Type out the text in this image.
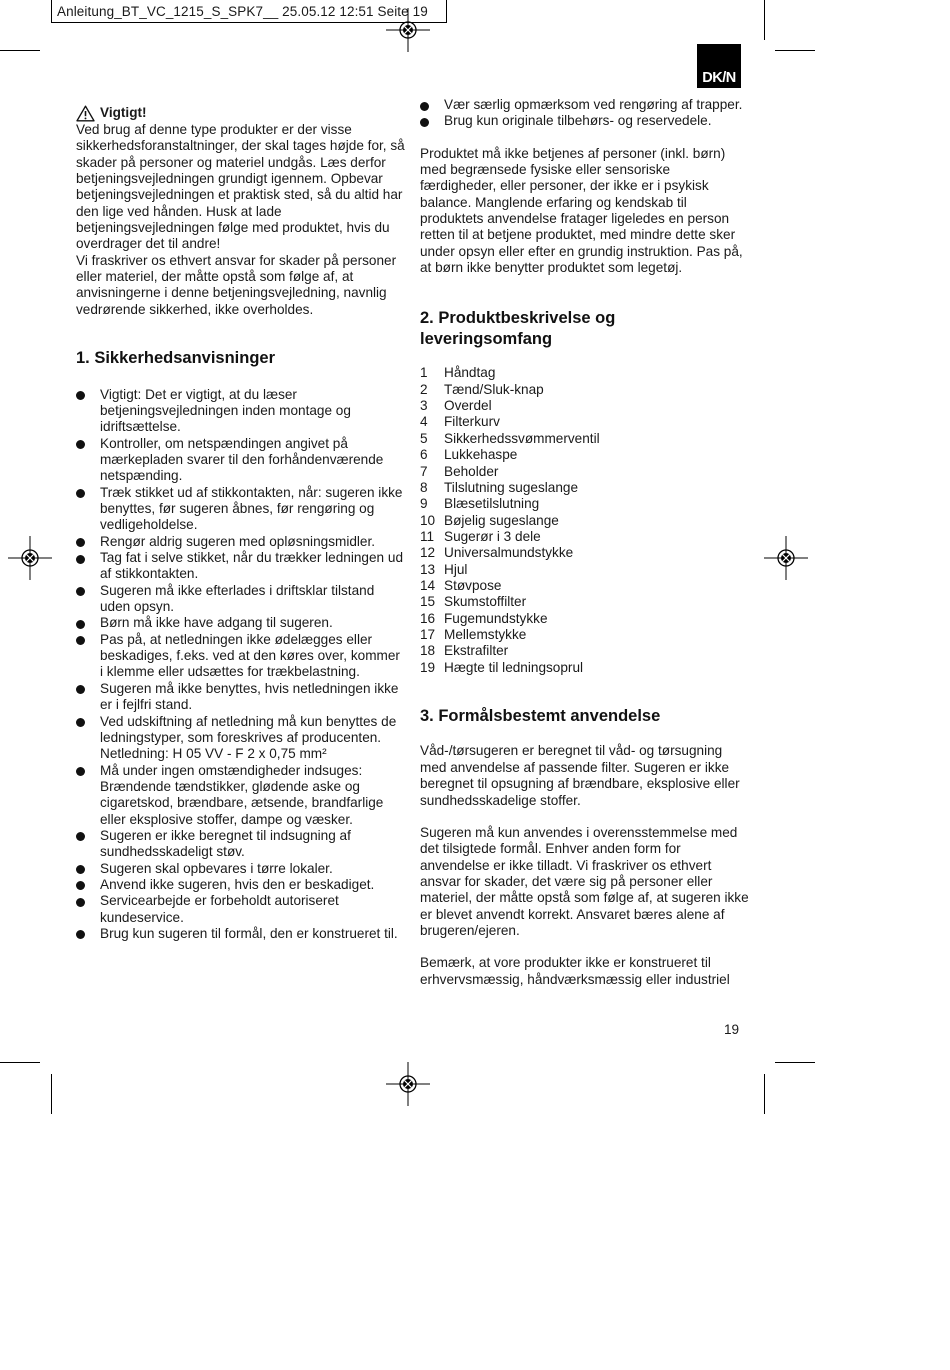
Anleitung_BT_VC_1215_S_SPK7__ 25.05.12 12:51 Seite 19
DK/N
Vigtigt!

Ved brug af denne type produkter er der visse sikkerhedsforanstaltninger, der skal tages højde for, så skader på personer og materiel undgås. Læs derfor betjeningsvejledningen grundigt igennem. Opbevar betjeningsvejledningen et praktisk sted, så du altid har den lige ved hånden. Husk at lade betjeningsvejledningen følge med produktet, hvis du overdrager det til andre!

Vi fraskriver os ethvert ansvar for skader på personer eller materiel, der måtte opstå som følge af, at anvisningerne i denne betjeningsvejledning, navnlig vedrørende sikkerhed, ikke overholdes.

1. Sikkerhedsanvisninger
Vigtigt: Det er vigtigt, at du læser betjeningsvejledningen inden montage og idriftsættelse.
Kontroller, om netspændingen angivet på mærkepladen svarer til den forhåndenværende netspænding.
Træk stikket ud af stikkontakten, når: sugeren ikke benyttes, før sugeren åbnes, før rengøring og vedligeholdelse.
Rengør aldrig sugeren med opløsningsmidler.
Tag fat i selve stikket, når du trækker ledningen ud af stikkontakten.
Sugeren må ikke efterlades i driftsklar tilstand uden opsyn.
Børn må ikke have adgang til sugeren.
Pas på, at netledningen ikke ødelægges eller beskadiges, f.eks. ved at den køres over, kommer i klemme eller udsættes for trækbelastning.
Sugeren må ikke benyttes, hvis netledningen ikke er i fejlfri stand.
Ved udskiftning af netledning må kun benyttes de ledningstyper, som foreskrives af producenten.
Netledning: H 05 VV - F 2 x 0,75 mm²
Må under ingen omstændigheder indsuges: Brændende tændstikker, glødende aske og cigaretskod, brændbare, ætsende, brandfarlige eller eksplosive stoffer, dampe og væsker.
Sugeren er ikke beregnet til indsugning af sundhedsskadeligt støv.
Sugeren skal opbevares i tørre lokaler.
Anvend ikke sugeren, hvis den er beskadiget.
Servicearbejde er forbeholdt autoriseret kundeservice.
Brug kun sugeren til formål, den er konstrueret til.
Vær særlig opmærksom ved rengøring af trapper.
Brug kun originale tilbehørs- og reservedele.

Produktet må ikke betjenes af personer (inkl. børn) med begrænsede fysiske eller sensoriske færdigheder, eller personer, der ikke er i psykisk balance. Manglende erfaring og kendskab til produktets anvendelse fratager ligeledes en person retten til at betjene produktet, med mindre dette sker under opsyn eller efter en grundig instruktion. Pas på, at børn ikke benytter produktet som legetøj.

2. Produktbeskrivelse og leveringsomfang
1	Håndtag
2	Tænd/Sluk-knap
3	Overdel
4	Filterkurv
5	Sikkerhedssvømmerventil
6	Lukkehaspe
7	Beholder
8	Tilslutning sugeslange
9	Blæsetilslutning
10 Bøjelig sugeslange
11 Sugerør i 3 dele
12 Universalmundstykke
13 Hjul
14 Støvpose
15 Skumstoffilter
16 Fugemundstykke
17 Mellemstykke
18 Ekstrafilter
19 Hægte til ledningsoprul
3. Formålsbestemt anvendelse

Våd-/tørsugeren er beregnet til våd- og tørsugning med anvendelse af passende filter. Sugeren er ikke beregnet til opsugning af brændbare, eksplosive eller sundhedsskadelige stoffer.

Sugeren må kun anvendes i overensstemmelse med det tilsigtede formål. Enhver anden form for anvendelse er ikke tilladt. Vi fraskriver os ethvert ansvar for skader, det være sig på personer eller materiel, der måtte opstå som følge af, at sugeren ikke er blevet anvendt korrekt. Ansvaret bæres alene af brugeren/ejeren.

Bemærk, at vore produkter ikke er konstrueret til erhvervsmæssig, håndværksmæssig eller industriel

19
